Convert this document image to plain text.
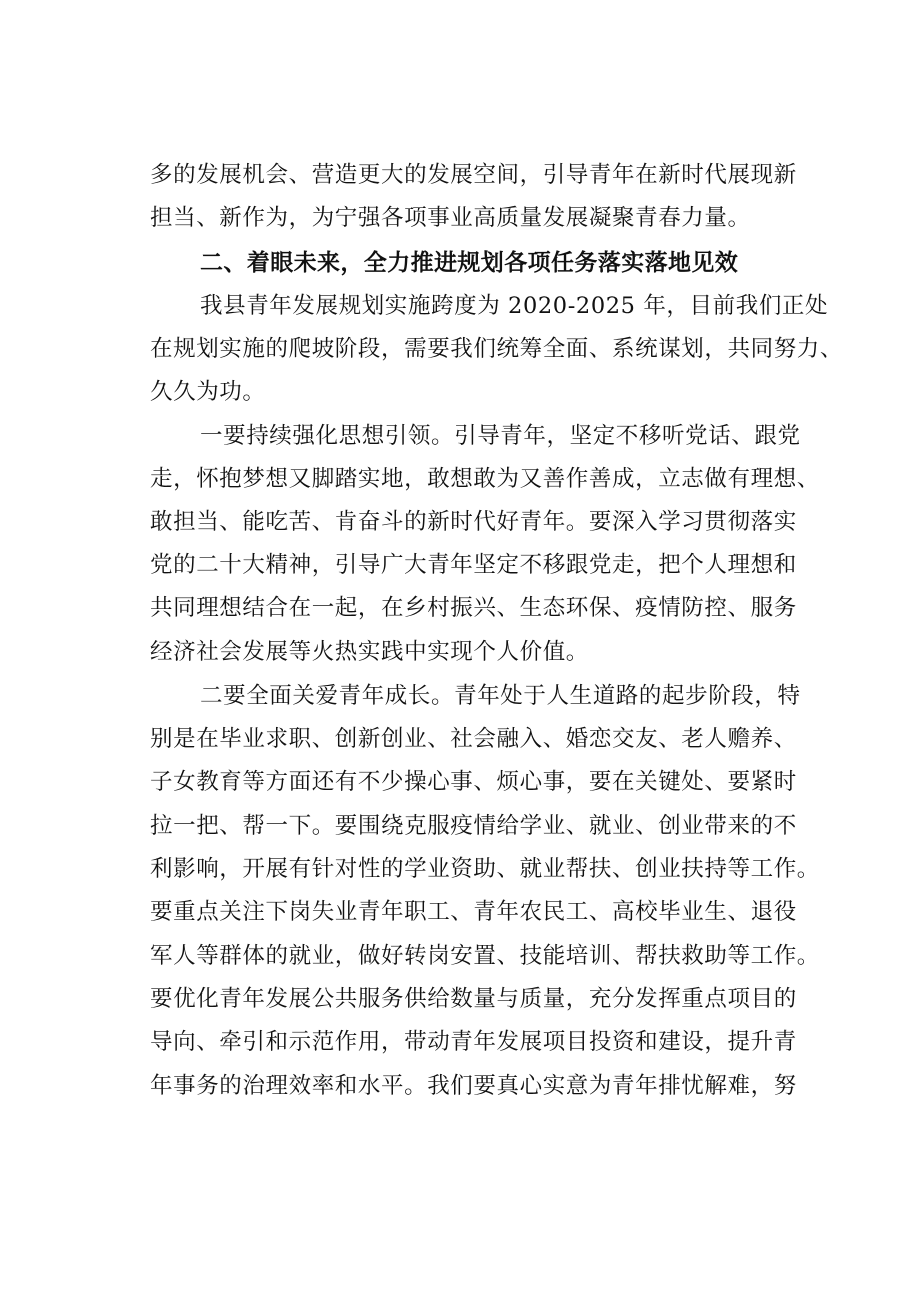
多的发展机会、营造更大的发展空间，引导青年在新时代展现新
担当、新作为，为宁强各项事业高质量发展凝聚青春力量。
二、着眼未来，全力推进规划各项任务落实落地见效
我县青年发展规划实施跨度为 2020-2025 年，目前我们正处
在规划实施的爬坡阶段，需要我们统筹全面、系统谋划，共同努力、
久久为功。
一要持续强化思想引领。引导青年，坚定不移听党话、跟党
走，怀抱梦想又脚踏实地，敢想敢为又善作善成，立志做有理想、
敢担当、能吃苦、肯奋斗的新时代好青年。要深入学习贯彻落实
党的二十大精神，引导广大青年坚定不移跟党走，把个人理想和
共同理想结合在一起，在乡村振兴、生态环保、疫情防控、服务
经济社会发展等火热实践中实现个人价值。
二要全面关爱青年成长。青年处于人生道路的起步阶段，特
别是在毕业求职、创新创业、社会融入、婚恋交友、老人赡养、
子女教育等方面还有不少操心事、烦心事，要在关键处、要紧时
拉一把、帮一下。要围绕克服疫情给学业、就业、创业带来的不
利影响，开展有针对性的学业资助、就业帮扶、创业扶持等工作。
要重点关注下岗失业青年职工、青年农民工、高校毕业生、退役
军人等群体的就业，做好转岗安置、技能培训、帮扶救助等工作。
要优化青年发展公共服务供给数量与质量，充分发挥重点项目的
导向、牵引和示范作用，带动青年发展项目投资和建设，提升青
年事务的治理效率和水平。我们要真心实意为青年排忧解难，努
